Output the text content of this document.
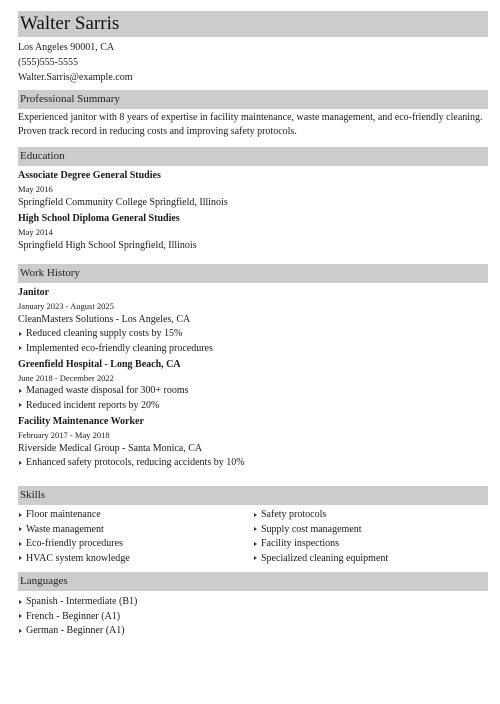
Walter Sarris
Los Angeles 90001, CA
(555)555-5555
Walter.Sarris@example.com
Professional Summary
Experienced janitor with 8 years of expertise in facility maintenance, waste management, and eco-friendly cleaning.
Proven track record in reducing costs and improving safety protocols.
Education
Associate Degree General Studies
May 2016
Springfield Community College Springfield, Illinois
High School Diploma General Studies
May 2014
Springfield High School Springfield, Illinois
Work History
Janitor
January 2023 - August 2025
CleanMasters Solutions - Los Angeles, CA
Reduced cleaning supply costs by 15%
Implemented eco-friendly cleaning procedures
Greenfield Hospital - Long Beach, CA
June 2018 - December 2022
Managed waste disposal for 300+ rooms
Reduced incident reports by 20%
Facility Maintenance Worker
February 2017 - May 2018
Riverside Medical Group - Santa Monica, CA
Enhanced safety protocols, reducing accidents by 10%
Skills
Floor maintenance
Waste management
Eco-friendly procedures
HVAC system knowledge
Safety protocols
Supply cost management
Facility inspections
Specialized cleaning equipment
Languages
Spanish - Intermediate (B1)
French - Beginner (A1)
German - Beginner (A1)
